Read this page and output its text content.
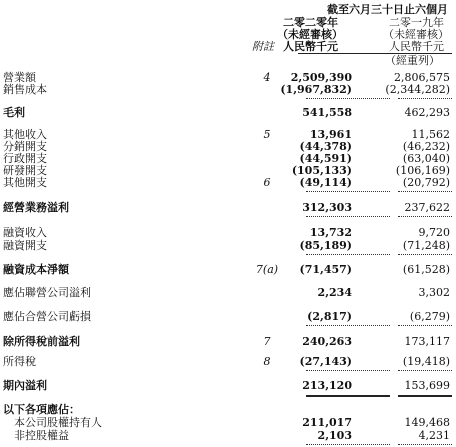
截至六月三十日止六個月
二零二零年	二零一九年
（未經審核）	（未經審核）
人民幣千元	人民幣千元
（經重列）
附註
營業額	4	2,509,390	2,806,575
銷售成本	(1,967,832)	(2,344,282)
毛利	541,558	462,293
其他收入	5	13,961	11,562
分銷開支	(44,378)	(46,232)
行政開支	(44,591)	(63,040)
研發開支	(105,133)	(106,169)
其他開支	6	(49,114)	(20,792)
經營業務溢利	312,303	237,622
融資收入	13,732	9,720
融資開支	(85,189)	(71,248)
融資成本淨額	7(a)	(71,457)	(61,528)
應佔聯營公司溢利	2,234	3,302
應佔合營公司虧損	(2,817)	(6,279)
除所得稅前溢利	7	240,263	173,117
所得稅	8	(27,143)	(19,418)
期內溢利	213,120	153,699
以下各項應佔：
本公司股權持有人	211,017	149,468
非控股權益	2,103	4,231
